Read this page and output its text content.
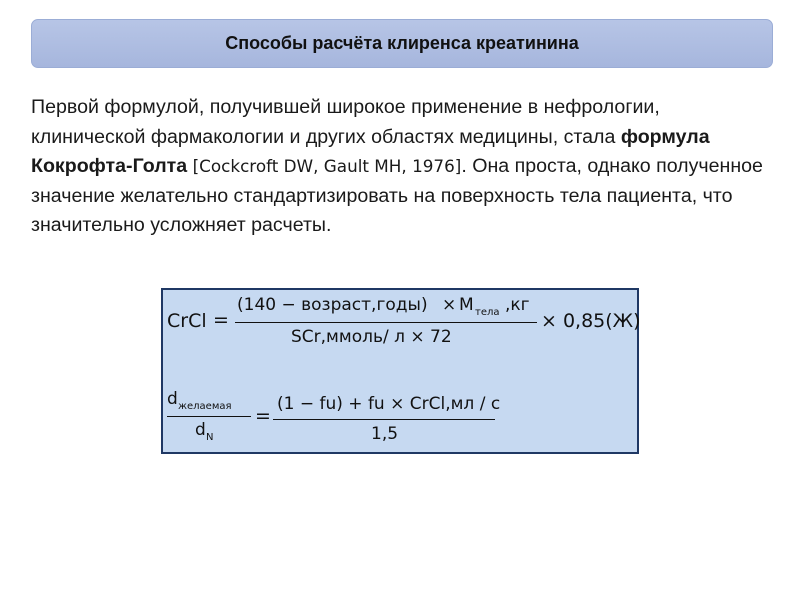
Способы расчёта клиренса креатинина
Первой формулой, получившей широкое применение в нефрологии, клинической фармакологии и других областях медицины, стала формула Кокрофта-Голта [Cockcroft DW, Gault MH, 1976]. Она проста, однако полученное значение желательно стандартизировать на поверхность тела пациента, что значительно усложняет расчеты.
CrCl =
(140 − возраст,годы) × M тела ,кг
SCr,ммоль/ л × 72
× 0,85(Ж)
d желаемая
d N
=
(1 − fu) + fu × CrCl,мл / с
1,5
